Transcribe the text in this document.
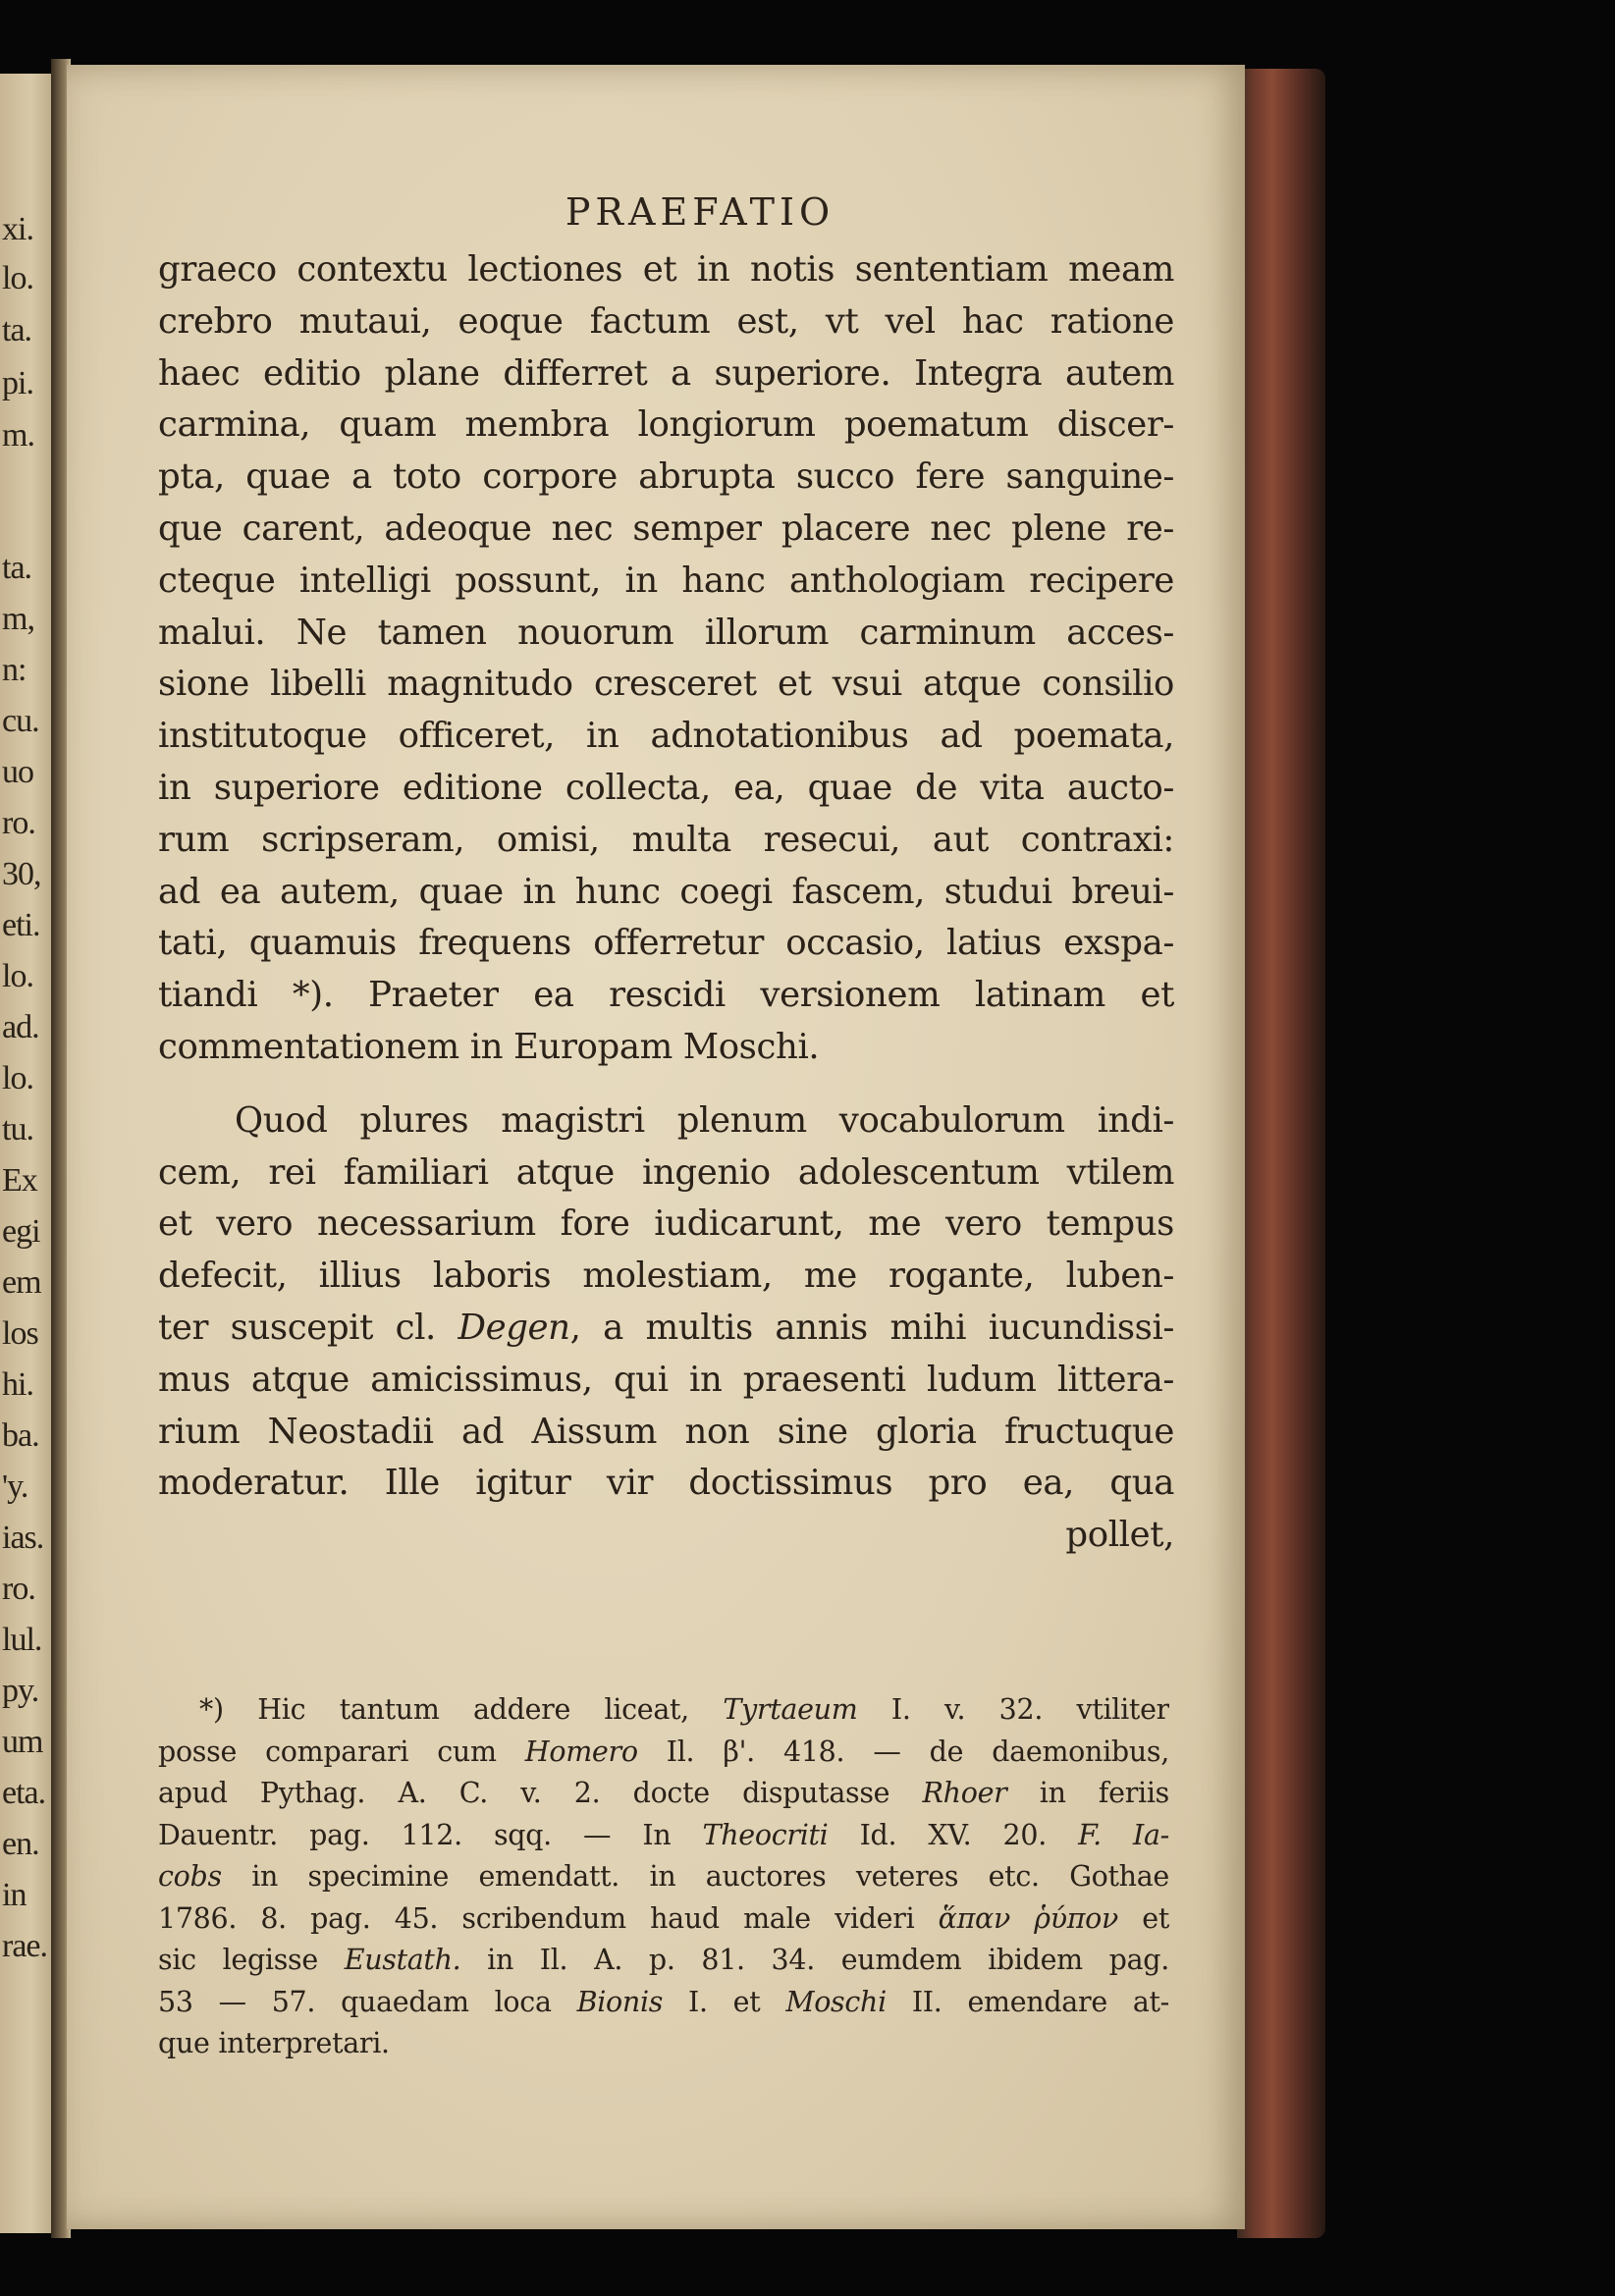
xi.
lo.
ta.
pi.
m.
ta.
m,
n:
cu.
uo
ro.
30,
eti.
lo.
ad.
lo.
tu.
Ex
egi
em
los
hi.
ba.
'y.
ias.
ro.
lul.
py.
um
eta.
en.
in
rae.
PRAEFATIO
graeco contextu lectiones et in notis sententiam meam
crebro mutaui, eoque factum est, vt vel hac ratione
haec editio plane differret a superiore. Integra autem
carmina, quam membra longiorum poematum discer-
pta, quae a toto corpore abrupta succo fere sanguine-
que carent, adeoque nec semper placere nec plene re-
cteque intelligi possunt, in hanc anthologiam recipere
malui. Ne tamen nouorum illorum carminum acces-
sione libelli magnitudo cresceret et vsui atque consilio
institutoque officeret, in adnotationibus ad poemata,
in superiore editione collecta, ea, quae de vita aucto-
rum scripseram, omisi, multa resecui, aut contraxi:
ad ea autem, quae in hunc coegi fascem, studui breui-
tati, quamuis frequens offerretur occasio, latius exspa-
tiandi *). Praeter ea rescidi versionem latinam et
commentationem in Europam Moschi.
Quod plures magistri plenum vocabulorum indi-
cem, rei familiari atque ingenio adolescentum vtilem
et vero necessarium fore iudicarunt, me vero tempus
defecit, illius laboris molestiam, me rogante, luben-
ter suscepit cl. Degen, a multis annis mihi iucundissi-
mus atque amicissimus, qui in praesenti ludum littera-
rium Neostadii ad Aissum non sine gloria fructuque
moderatur. Ille igitur vir doctissimus pro ea, qua
pollet,
*) Hic tantum addere liceat, Tyrtaeum I. v. 32. vtiliter
posse comparari cum Homero Il. β'. 418. — de daemonibus,
apud Pythag. A. C. v. 2. docte disputasse Rhoer in feriis
Dauentr. pag. 112. sqq. — In Theocriti Id. XV. 20. F. Ia-
cobs in specimine emendatt. in auctores veteres etc. Gothae
1786. 8. pag. 45. scribendum haud male videri ἅπαν ῥύπον et
sic legisse Eustath. in Il. A. p. 81. 34. eumdem ibidem pag.
53 — 57. quaedam loca Bionis I. et Moschi II. emendare at-
que interpretari.
